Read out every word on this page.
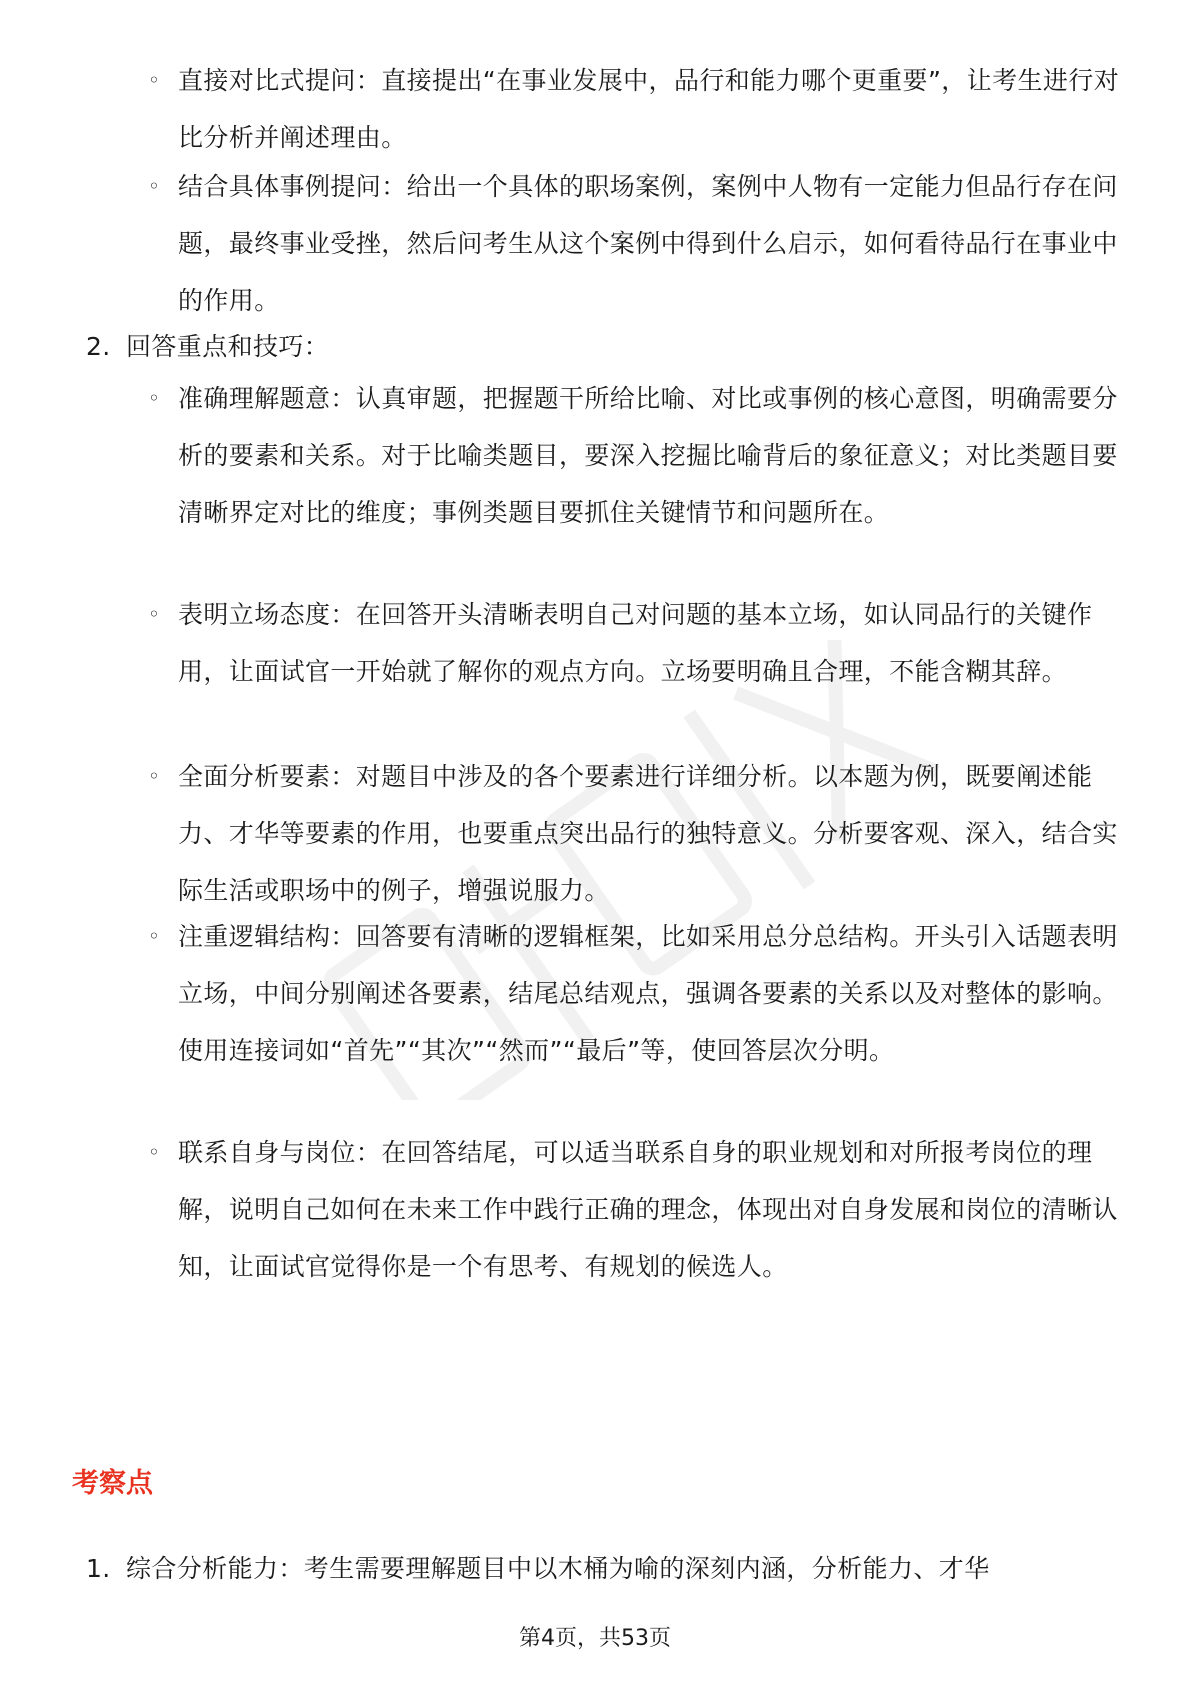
◦ 直接对比式提问：直接提出“在事业发展中，品行和能力哪个更重要”，让考生进行对比分析并阐述理由。
◦ 结合具体事例提问：给出一个具体的职场案例，案例中人物有一定能力但品行存在问题，最终事业受挫，然后问考生从这个案例中得到什么启示，如何看待品行在事业中的作用。
2. 回答重点和技巧：
◦ 准确理解题意：认真审题，把握题干所给比喻、对比或事例的核心意图，明确需要分析的要素和关系。对于比喻类题目，要深入挖掘比喻背后的象征意义；对比类题目要清晰界定对比的维度；事例类题目要抓住关键情节和问题所在。
◦ 表明立场态度：在回答开头清晰表明自己对问题的基本立场，如认同品行的关键作用，让面试官一开始就了解你的观点方向。立场要明确且合理，不能含糊其辞。
◦ 全面分析要素：对题目中涉及的各个要素进行详细分析。以本题为例，既要阐述能力、才华等要素的作用，也要重点突出品行的独特意义。分析要客观、深入，结合实际生活或职场中的例子，增强说服力。
◦ 注重逻辑结构：回答要有清晰的逻辑框架，比如采用总分总结构。开头引入话题表明立场，中间分别阐述各要素，结尾总结观点，强调各要素的关系以及对整体的影响。使用连接词如“首先”“其次”“然而”“最后”等，使回答层次分明。
◦ 联系自身与岗位：在回答结尾，可以适当联系自身的职业规划和对所报考岗位的理解，说明自己如何在未来工作中践行正确的理念，体现出对自身发展和岗位的清晰认知，让面试官觉得你是一个有思考、有规划的候选人。
考察点
1. 综合分析能力：考生需要理解题目中以木桶为喻的深刻内涵，分析能力、才华
第4页，共53页
